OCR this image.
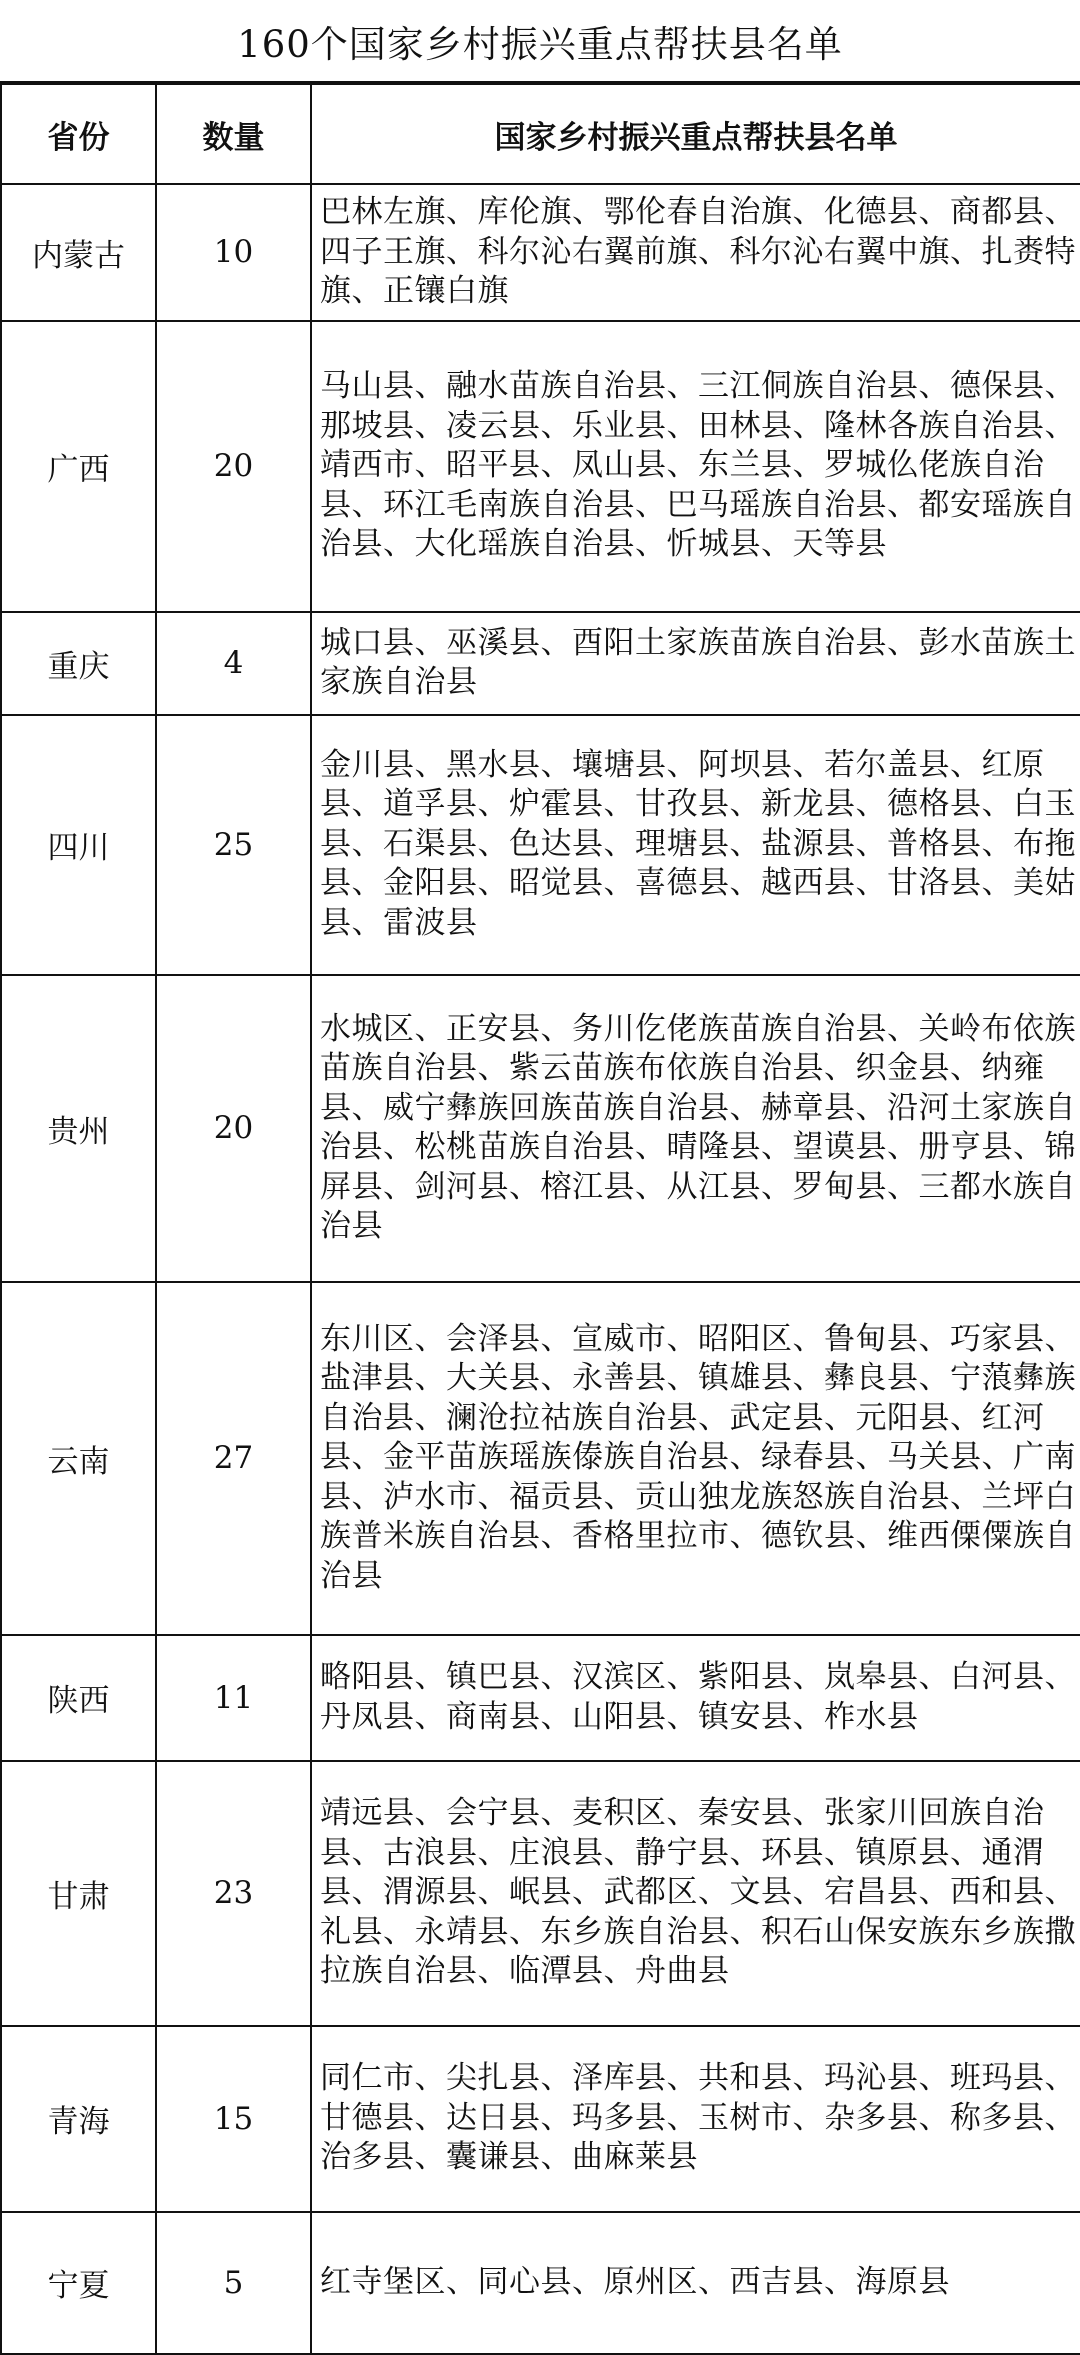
160个国家乡村振兴重点帮扶县名单
省份	数量	国家乡村振兴重点帮扶县名单
内蒙古	10	巴林左旗、库伦旗、鄂伦春自治旗、化德县、商都县、四子王旗、科尔沁右翼前旗、科尔沁右翼中旗、扎赉特旗、正镶白旗
广西	20	马山县、融水苗族自治县、三江侗族自治县、德保县、那坡县、凌云县、乐业县、田林县、隆林各族自治县、靖西市、昭平县、凤山县、东兰县、罗城仫佬族自治县、环江毛南族自治县、巴马瑶族自治县、都安瑶族自治县、大化瑶族自治县、忻城县、天等县
重庆	4	城口县、巫溪县、酉阳土家族苗族自治县、彭水苗族土家族自治县
四川	25	金川县、黑水县、壤塘县、阿坝县、若尔盖县、红原县、道孚县、炉霍县、甘孜县、新龙县、德格县、白玉县、石渠县、色达县、理塘县、盐源县、普格县、布拖县、金阳县、昭觉县、喜德县、越西县、甘洛县、美姑县、雷波县
贵州	20	水城区、正安县、务川仡佬族苗族自治县、关岭布依族苗族自治县、紫云苗族布依族自治县、织金县、纳雍县、威宁彝族回族苗族自治县、赫章县、沿河土家族自治县、松桃苗族自治县、晴隆县、望谟县、册亨县、锦屏县、剑河县、榕江县、从江县、罗甸县、三都水族自治县
云南	27	东川区、会泽县、宣威市、昭阳区、鲁甸县、巧家县、盐津县、大关县、永善县、镇雄县、彝良县、宁蒗彝族自治县、澜沧拉祜族自治县、武定县、元阳县、红河县、金平苗族瑶族傣族自治县、绿春县、马关县、广南县、泸水市、福贡县、贡山独龙族怒族自治县、兰坪白族普米族自治县、香格里拉市、德钦县、维西傈僳族自治县
陕西	11	略阳县、镇巴县、汉滨区、紫阳县、岚皋县、白河县、丹凤县、商南县、山阳县、镇安县、柞水县
甘肃	23	靖远县、会宁县、麦积区、秦安县、张家川回族自治县、古浪县、庄浪县、静宁县、环县、镇原县、通渭县、渭源县、岷县、武都区、文县、宕昌县、西和县、礼县、永靖县、东乡族自治县、积石山保安族东乡族撒拉族自治县、临潭县、舟曲县
青海	15	同仁市、尖扎县、泽库县、共和县、玛沁县、班玛县、甘德县、达日县、玛多县、玉树市、杂多县、称多县、治多县、囊谦县、曲麻莱县
宁夏	5	红寺堡区、同心县、原州区、西吉县、海原县
